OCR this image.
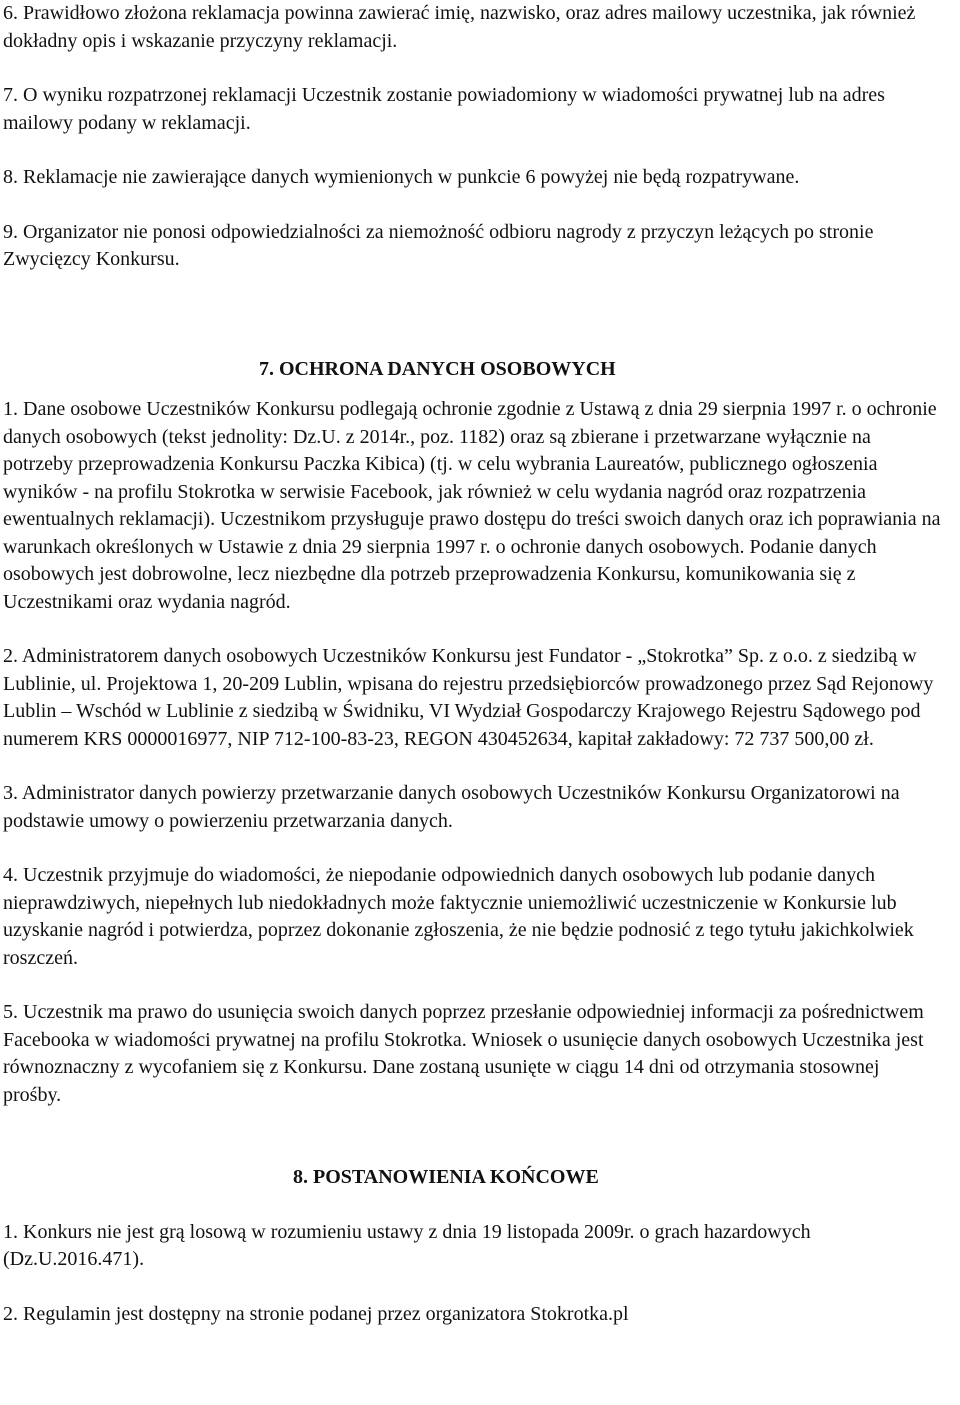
6. Prawidłowo złożona reklamacja powinna zawierać imię, nazwisko, oraz adres mailowy uczestnika, jak również dokładny opis i wskazanie przyczyny reklamacji.

7. O wyniku rozpatrzonej reklamacji Uczestnik zostanie powiadomiony w wiadomości prywatnej lub na adres mailowy podany w reklamacji.

8. Reklamacje nie zawierające danych wymienionych w punkcie 6 powyżej nie będą rozpatrywane.

9. Organizator nie ponosi odpowiedzialności za niemożność odbioru nagrody z przyczyn leżących po stronie Zwycięzcy Konkursu.

7. OCHRONA DANYCH OSOBOWYCH

1. Dane osobowe Uczestników Konkursu podlegają ochronie zgodnie z Ustawą z dnia 29 sierpnia 1997 r. o ochronie danych osobowych (tekst jednolity: Dz.U. z 2014r., poz. 1182) oraz są zbierane i przetwarzane wyłącznie na potrzeby przeprowadzenia Konkursu Paczka Kibica) (tj. w celu wybrania Laureatów, publicznego ogłoszenia wyników - na profilu Stokrotka w serwisie Facebook, jak również w celu wydania nagród oraz rozpatrzenia ewentualnych reklamacji). Uczestnikom przysługuje prawo dostępu do treści swoich danych oraz ich poprawiania na warunkach określonych w Ustawie z dnia 29 sierpnia 1997 r. o ochronie danych osobowych. Podanie danych osobowych jest dobrowolne, lecz niezbędne dla potrzeb przeprowadzenia Konkursu, komunikowania się z Uczestnikami oraz wydania nagród.

2. Administratorem danych osobowych Uczestników Konkursu jest Fundator - „Stokrotka” Sp. z o.o. z siedzibą w Lublinie, ul. Projektowa 1, 20-209 Lublin, wpisana do rejestru przedsiębiorców prowadzonego przez Sąd Rejonowy Lublin – Wschód w Lublinie z siedzibą w Świdniku, VI Wydział Gospodarczy Krajowego Rejestru Sądowego pod numerem KRS 0000016977, NIP 712-100-83-23, REGON 430452634, kapitał zakładowy: 72 737 500,00 zł.

3. Administrator danych powierzy przetwarzanie danych osobowych Uczestników Konkursu Organizatorowi na podstawie umowy o powierzeniu przetwarzania danych.

4. Uczestnik przyjmuje do wiadomości, że niepodanie odpowiednich danych osobowych lub podanie danych nieprawdziwych, niepełnych lub niedokładnych może faktycznie uniemożliwić uczestniczenie w Konkursie lub uzyskanie nagród i potwierdza, poprzez dokonanie zgłoszenia, że nie będzie podnosić z tego tytułu jakichkolwiek roszczeń.

5. Uczestnik ma prawo do usunięcia swoich danych poprzez przesłanie odpowiedniej informacji za pośrednictwem Facebooka w wiadomości prywatnej na profilu Stokrotka. Wniosek o usunięcie danych osobowych Uczestnika jest równoznaczny z wycofaniem się z Konkursu. Dane zostaną usunięte w ciągu 14 dni od otrzymania stosownej prośby.

8. POSTANOWIENIA KOŃCOWE

1. Konkurs nie jest grą losową w rozumieniu ustawy z dnia 19 listopada 2009r. o grach hazardowych (Dz.U.2016.471).

2. Regulamin jest dostępny na stronie podanej przez organizatora Stokrotka.pl
